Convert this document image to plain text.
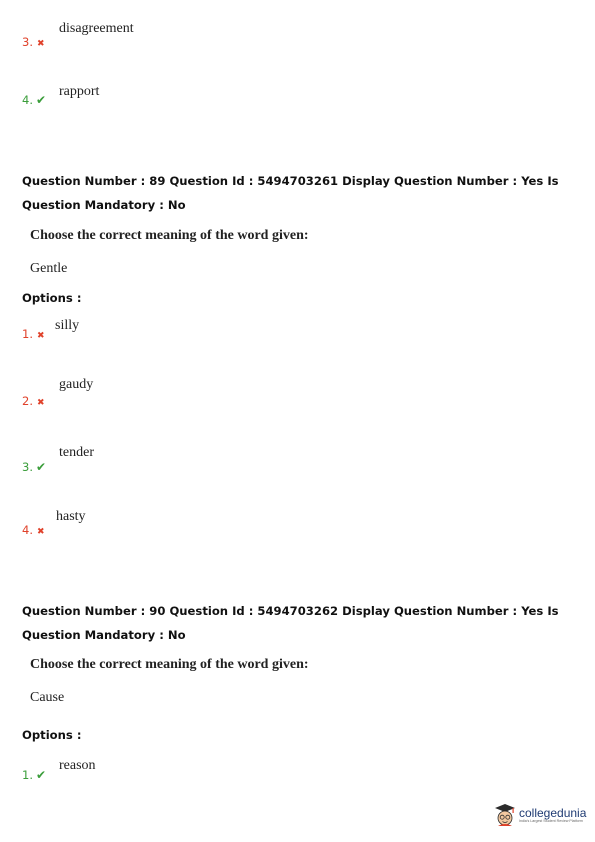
disagreement
3. ✖
rapport
4. ✔
Question Number : 89 Question Id : 5494703261 Display Question Number : Yes Is Question Mandatory : No
Choose the correct meaning of the word given:
Gentle
Options :
silly
1. ✖
gaudy
2. ✖
tender
3. ✔
hasty
4. ✖
Question Number : 90 Question Id : 5494703262 Display Question Number : Yes Is Question Mandatory : No
Choose the correct meaning of the word given:
Cause
Options :
reason
1. ✔
collegedunia
India's Largest Student Review Platform
